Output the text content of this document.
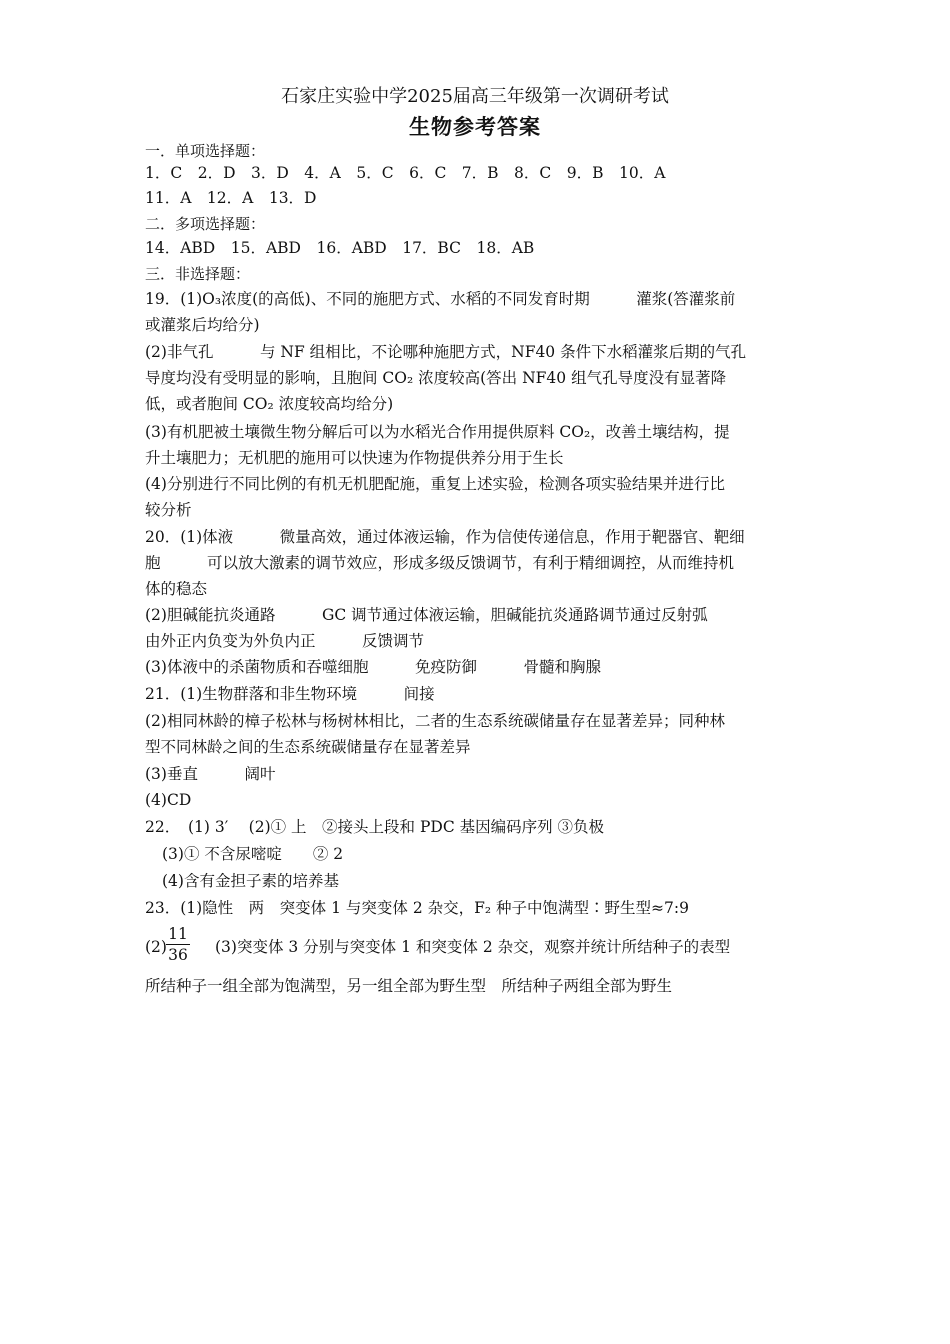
石家庄实验中学2025届高三年级第一次调研考试
生物参考答案
一．单项选择题：
1．C　2．D　3．D　4．A　5．C　6．C　7．B　8．C　9．B　10．A
11．A　12．A　13．D
二．多项选择题：
14．ABD　15．ABD　16．ABD　17．BC　18．AB
三．非选择题：
19．(1)O₃浓度(的高低)、不同的施肥方式、水稻的不同发育时期　　　灌浆(答灌浆前
或灌浆后均给分)
(2)非气孔　　　与 NF 组相比，不论哪种施肥方式，NF40 条件下水稻灌浆后期的气孔
导度均没有受明显的影响，且胞间 CO₂ 浓度较高(答出 NF40 组气孔导度没有显著降
低，或者胞间 CO₂ 浓度较高均给分)
(3)有机肥被土壤微生物分解后可以为水稻光合作用提供原料 CO₂，改善土壤结构，提
升土壤肥力；无机肥的施用可以快速为作物提供养分用于生长
(4)分别进行不同比例的有机无机肥配施，重复上述实验，检测各项实验结果并进行比
较分析
20．(1)体液　　　微量高效，通过体液运输，作为信使传递信息，作用于靶器官、靶细
胞　　　可以放大激素的调节效应，形成多级反馈调节，有利于精细调控，从而维持机
体的稳态
(2)胆碱能抗炎通路　　　GC 调节通过体液运输，胆碱能抗炎通路调节通过反射弧
由外正内负变为外负内正　　　反馈调节
(3)体液中的杀菌物质和吞噬细胞　　　免疫防御　　　骨髓和胸腺
21．(1)生物群落和非生物环境　　　间接
(2)相同林龄的樟子松林与杨树林相比，二者的生态系统碳储量存在显著差异；同种林
型不同林龄之间的生态系统碳储量存在显著差异
(3)垂直　　　阔叶
(4)CD
22．　(1) 3′　 (2)① 上　②接头上段和 PDC 基因编码序列 ③负极
(3)① 不含尿嘧啶　　② 2
(4)含有金担子素的培养基
23．(1)隐性　两　突变体 1 与突变体 2 杂交，F₂ 种子中饱满型∶野生型≈7:9
(2)
11
36 (3)突变体 3 分别与突变体 1 和突变体 2 杂交，观察并统计所结种子的表型
所结种子一组全部为饱满型，另一组全部为野生型　所结种子两组全部为野生
